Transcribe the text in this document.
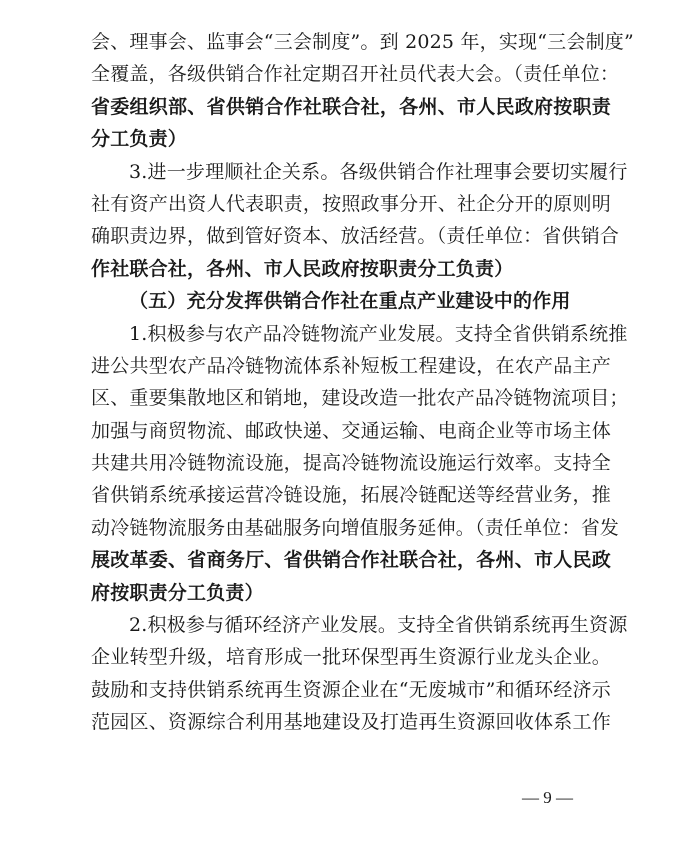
会、理事会、监事会“三会制度”。到 2025 年，实现“三会制度”
全覆盖，各级供销合作社定期召开社员代表大会。（责任单位：
省委组织部、省供销合作社联合社，各州、市人民政府按职责
分工负责）
3.进一步理顺社企关系。各级供销合作社理事会要切实履行
社有资产出资人代表职责，按照政事分开、社企分开的原则明
确职责边界，做到管好资本、放活经营。（责任单位：省供销合
作社联合社，各州、市人民政府按职责分工负责）
（五）充分发挥供销合作社在重点产业建设中的作用
1.积极参与农产品冷链物流产业发展。支持全省供销系统推
进公共型农产品冷链物流体系补短板工程建设，在农产品主产
区、重要集散地区和销地，建设改造一批农产品冷链物流项目；
加强与商贸物流、邮政快递、交通运输、电商企业等市场主体
共建共用冷链物流设施，提高冷链物流设施运行效率。支持全
省供销系统承接运营冷链设施，拓展冷链配送等经营业务，推
动冷链物流服务由基础服务向增值服务延伸。（责任单位：省发
展改革委、省商务厅、省供销合作社联合社，各州、市人民政
府按职责分工负责）
2.积极参与循环经济产业发展。支持全省供销系统再生资源
企业转型升级，培育形成一批环保型再生资源行业龙头企业。
鼓励和支持供销系统再生资源企业在“无废城市”和循环经济示
范园区、资源综合利用基地建设及打造再生资源回收体系工作
— 9 —
